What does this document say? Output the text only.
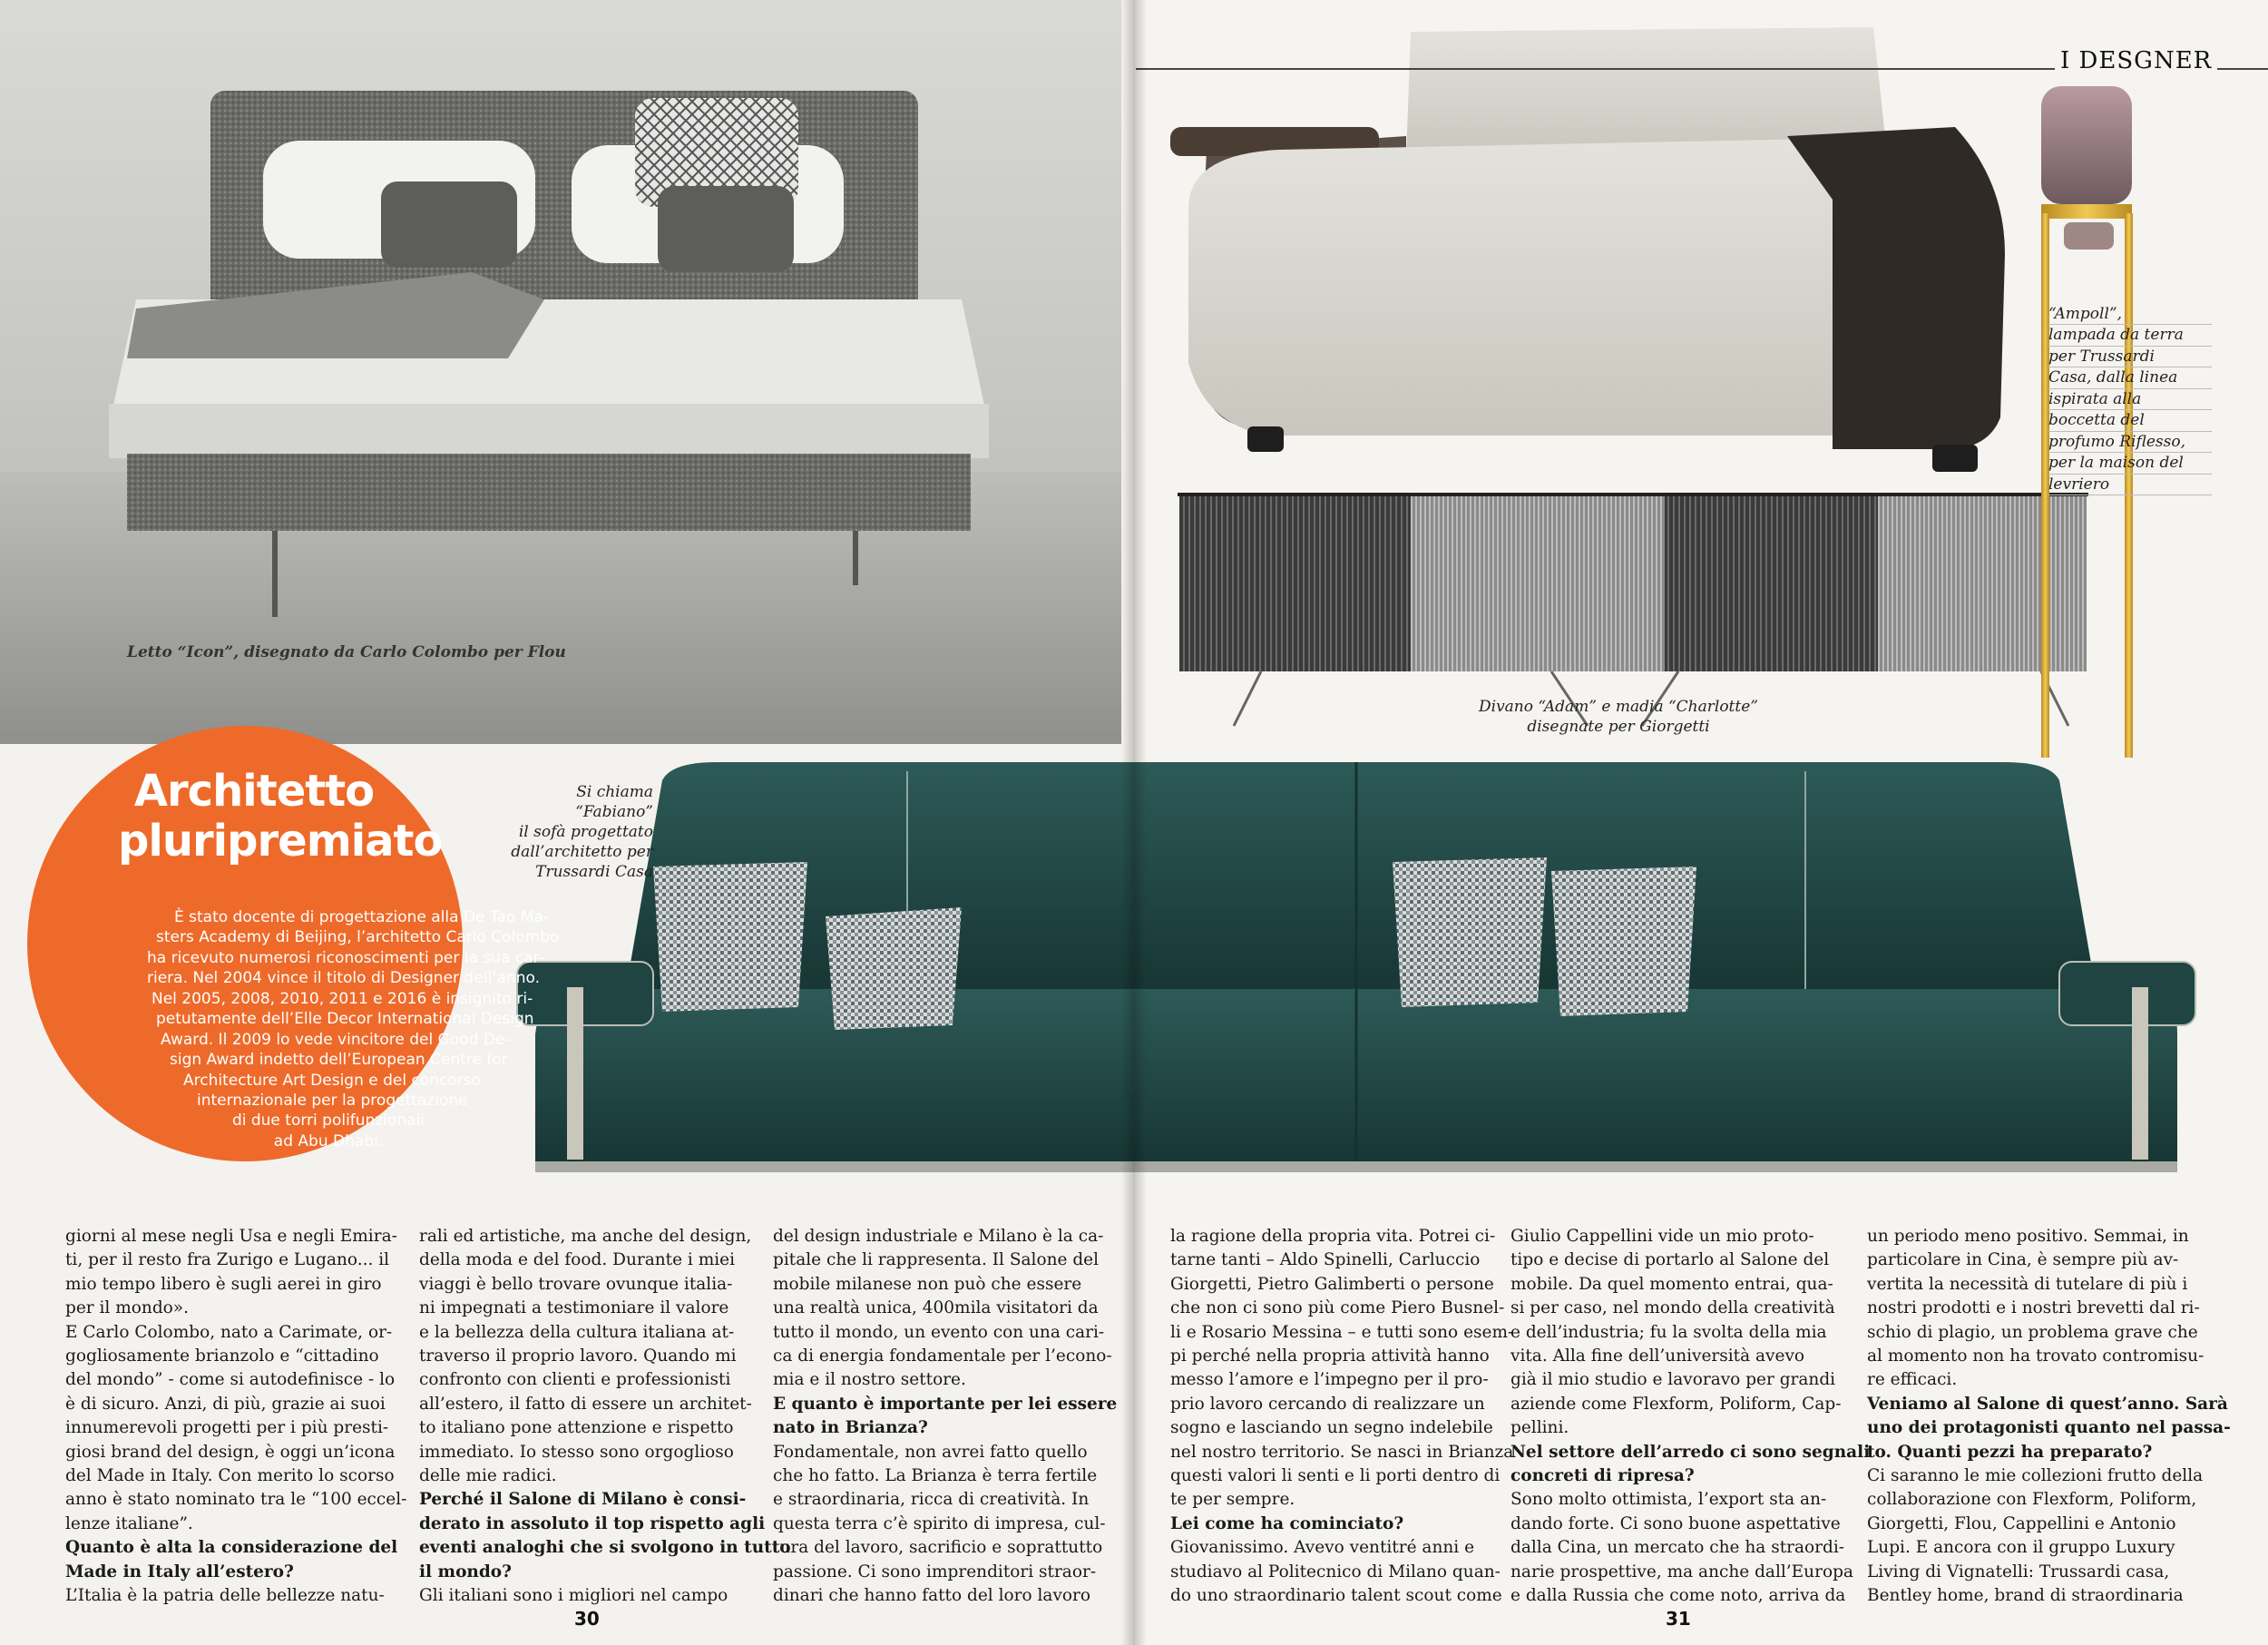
Letto “Icon”, disegnato da Carlo Colombo per Flou
Architetto
pluripremiato
È stato docente di progettazione alla De Tao Ma-
sters Academy di Beijing, l’architetto Carlo Colombo
ha ricevuto numerosi riconoscimenti per la sua car-
riera. Nel 2004 vince il titolo di Designer dell’anno.
Nel 2005, 2008, 2010, 2011 e 2016 è insignito ri-
petutamente dell’Elle Decor International Design
Award. Il 2009 lo vede vincitore del Good De-
sign Award indetto dell’European Centre for
Architecture Art Design e del concorso
internazionale per la progettazione
di due torri polifunzionali
ad Abu Dhabi.
Si chiama
“Fabiano”
il sofà progettato
dall’architetto per
Trussardi Casa
giorni al mese negli Usa e negli Emira-
ti, per il resto fra Zurigo e Lugano... il
mio tempo libero è sugli aerei in giro
per il mondo».
E Carlo Colombo, nato a Carimate, or-
gogliosamente brianzolo e “cittadino
del mondo” - come si autodefinisce - lo
è di sicuro. Anzi, di più, grazie ai suoi
innumerevoli progetti per i più presti-
giosi brand del design, è oggi un’icona
del Made in Italy. Con merito lo scorso
anno è stato nominato tra le “100 eccel-
lenze italiane”.
Quanto è alta la considerazione del
Made in Italy all’estero?
L’Italia è la patria delle bellezze natu-
rali ed artistiche, ma anche del design,
della moda e del food. Durante i miei
viaggi è bello trovare ovunque italia-
ni impegnati a testimoniare il valore
e la bellezza della cultura italiana at-
traverso il proprio lavoro. Quando mi
confronto con clienti e professionisti
all’estero, il fatto di essere un architet-
to italiano pone attenzione e rispetto
immediato. Io stesso sono orgoglioso
delle mie radici.
Perché il Salone di Milano è consi-
derato in assoluto il top rispetto agli
eventi analoghi che si svolgono in tutto
il mondo?
Gli italiani sono i migliori nel campo
del design industriale e Milano è la ca-
pitale che li rappresenta. Il Salone del
mobile milanese non può che essere
una realtà unica, 400mila visitatori da
tutto il mondo, un evento con una cari-
ca di energia fondamentale per l’econo-
mia e il nostro settore.
E quanto è importante per lei essere
nato in Brianza?
Fondamentale, non avrei fatto quello
che ho fatto. La Brianza è terra fertile
e straordinaria, ricca di creatività. In
questa terra c’è spirito di impresa, cul-
tura del lavoro, sacrificio e soprattutto
passione. Ci sono imprenditori straor-
dinari che hanno fatto del loro lavoro
30
I DESGNER
“Ampoll”,
lampada da terra
per Trussardi
Casa, dalla linea
ispirata alla
boccetta del
profumo Riflesso,
per la maison del
levriero
Divano “Adam” e madia “Charlotte”
disegnate per Giorgetti
la ragione della propria vita. Potrei ci-
tarne tanti – Aldo Spinelli, Carluccio
Giorgetti, Pietro Galimberti o persone
che non ci sono più come Piero Busnel-
li e Rosario Messina – e tutti sono esem-
pi perché nella propria attività hanno
messo l’amore e l’impegno per il pro-
prio lavoro cercando di realizzare un
sogno e lasciando un segno indelebile
nel nostro territorio. Se nasci in Brianza
questi valori li senti e li porti dentro di
te per sempre.
Lei come ha cominciato?
Giovanissimo. Avevo ventitré anni e
studiavo al Politecnico di Milano quan-
do uno straordinario talent scout come
Giulio Cappellini vide un mio proto-
tipo e decise di portarlo al Salone del
mobile. Da quel momento entrai, qua-
si per caso, nel mondo della creatività
e dell’industria; fu la svolta della mia
vita. Alla fine dell’università avevo
già il mio studio e lavoravo per grandi
aziende come Flexform, Poliform, Cap-
pellini.
Nel settore dell’arredo ci sono segnali
concreti di ripresa?
Sono molto ottimista, l’export sta an-
dando forte. Ci sono buone aspettative
dalla Cina, un mercato che ha straordi-
narie prospettive, ma anche dall’Europa
e dalla Russia che come noto, arriva da
un periodo meno positivo. Semmai, in
particolare in Cina, è sempre più av-
vertita la necessità di tutelare di più i
nostri prodotti e i nostri brevetti dal ri-
schio di plagio, un problema grave che
al momento non ha trovato contromisu-
re efficaci.
Veniamo al Salone di quest’anno. Sarà
uno dei protagonisti quanto nel passa-
to. Quanti pezzi ha preparato?
Ci saranno le mie collezioni frutto della
collaborazione con Flexform, Poliform,
Giorgetti, Flou, Cappellini e Antonio
Lupi. E ancora con il gruppo Luxury
Living di Vignatelli: Trussardi casa,
Bentley home, brand di straordinaria
31
